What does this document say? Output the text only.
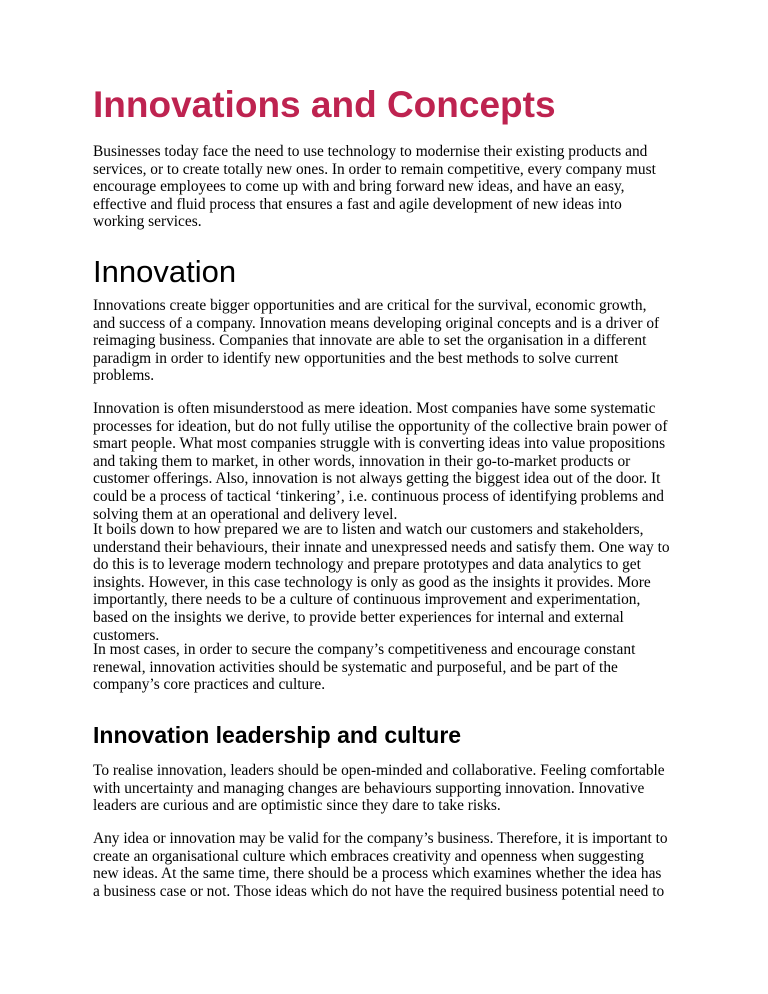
Innovations and Concepts
Businesses today face the need to use technology to modernise their existing products and
services, or to create totally new ones. In order to remain competitive, every company must
encourage employees to come up with and bring forward new ideas, and have an easy,
effective and fluid process that ensures a fast and agile development of new ideas into
working services.
Innovation
Innovations create bigger opportunities and are critical for the survival, economic growth,
and success of a company. Innovation means developing original concepts and is a driver of
reimaging business. Companies that innovate are able to set the organisation in a different
paradigm in order to identify new opportunities and the best methods to solve current
problems.
Innovation is often misunderstood as mere ideation. Most companies have some systematic
processes for ideation, but do not fully utilise the opportunity of the collective brain power of
smart people. What most companies struggle with is converting ideas into value propositions
and taking them to market, in other words, innovation in their go-to-market products or
customer offerings. Also, innovation is not always getting the biggest idea out of the door. It
could be a process of tactical ‘tinkering’, i.e. continuous process of identifying problems and
solving them at an operational and delivery level.
It boils down to how prepared we are to listen and watch our customers and stakeholders,
understand their behaviours, their innate and unexpressed needs and satisfy them. One way to
do this is to leverage modern technology and prepare prototypes and data analytics to get
insights. However, in this case technology is only as good as the insights it provides. More
importantly, there needs to be a culture of continuous improvement and experimentation,
based on the insights we derive, to provide better experiences for internal and external
customers.
In most cases, in order to secure the company’s competitiveness and encourage constant
renewal, innovation activities should be systematic and purposeful, and be part of the
company’s core practices and culture.
Innovation leadership and culture
To realise innovation, leaders should be open-minded and collaborative. Feeling comfortable
with uncertainty and managing changes are behaviours supporting innovation. Innovative
leaders are curious and are optimistic since they dare to take risks.
Any idea or innovation may be valid for the company’s business. Therefore, it is important to
create an organisational culture which embraces creativity and openness when suggesting
new ideas. At the same time, there should be a process which examines whether the idea has
a business case or not. Those ideas which do not have the required business potential need to
